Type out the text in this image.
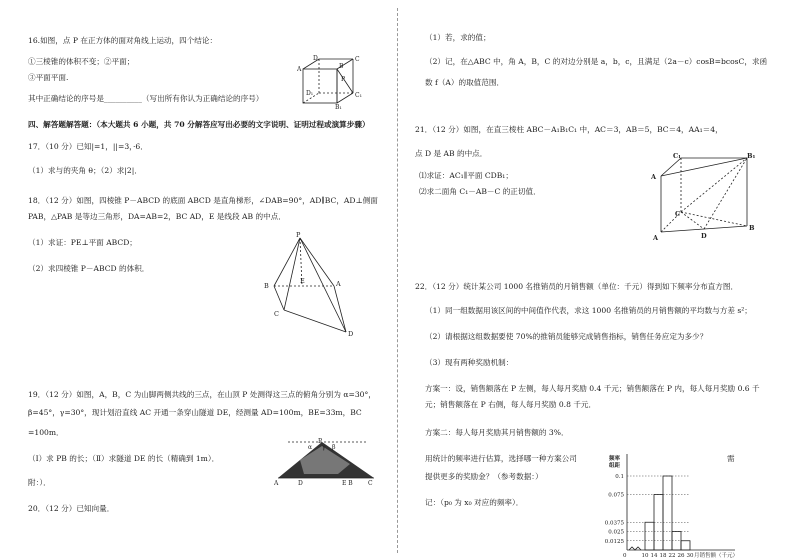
16.如图，点 P 在正方体的面对角线上运动，四个结论：
①三棱锥的体积不变；②平面；
③平面平面.
其中正确结论的序号是__________（写出所有你认为正确结论的序号）
A
D	C
B
D₁	C₁
B₁
P
四、解答题解答题：（本大题共 6 小题，共 70 分解答应写出必要的文字说明、证明过程或演算步骤）
17．（10 分）已知|=1，||=3，·6．
（1）求与的夹角 θ；（2）求|2|．
18．（12 分）如图，四棱锥 P－ABCD 的底面 ABCD 是直角梯形，∠DAB=90°，AD∥BC，AD⊥侧面
PAB，△PAB 是等边三角形，DA=AB=2，BC AD，E 是线段 AB 的中点．
（1）求证：PE⊥平面 ABCD；
（2）求四棱锥 P－ABCD 的体积．
P
B
E	A
C
D
19．（12 分）如图，A，B，C 为山脚两侧共线的三点，在山顶 P 处测得这三点的俯角分别为 α=30°，
β=45°，γ=30°，现计划沿直线 AC 开通一条穿山隧道 DE，经测量 AD=100m，BE=33m，BC
=100m．
（Ⅰ）求 PB 的长；（Ⅱ）求隧道 DE 的长（精确到 1m）．
附：）．	A	D	E B	C
P
α γ β
20．（12 分）已知向量．
（1）若，求的值；
（2）记，在△ABC 中，角 A，B，C 的对边分别是 a，b，c，且满足（2a－c）cosB=bcosC，求函
数 f（A）的取值范围．
21．（12 分）如图，在直三棱柱 ABC－A₁B₁C₁ 中，AC＝3，AB＝5，BC＝4，AA₁＝4，
点 D 是 AB 的中点．
⑴求证：AC₁∥平面 CDB₁；
⑵求二面角 C₁－AB－C 的正切值．
A
C₁	B₁
C
A	D
B
22．（12 分）统计某公司 1000 名推销员的月销售额（单位：千元）得到如下频率分布直方图．
（1）同一组数据用该区间的中间值作代表，求这 1000 名推销员的月销售额的平均数与方差 s²；
（2）请根据这组数据要使 70%的推销员能够完成销售指标，销售任务应定为多少？
（3）现有两种奖励机制：
方案一：设，销售额落在 P 左侧，每人每月奖励 0.4 千元；销售额落在 P 内，每人每月奖励 0.6 千
元；销售额落在 P 右侧，每人每月奖励 0.8 千元．
方案二：每人每月奖励其月销售额的 3%．
用统计的频率进行估算，选择哪一种方案公司	需
提供更多的奖励金？（参考数据：）
记：（p₀ 为 x₀ 对应的频率）．
频率
组距
0.0125
0.025
0.0375
0.075
0.1
10 14 18 22 26 30
0	月销售额（千元）
